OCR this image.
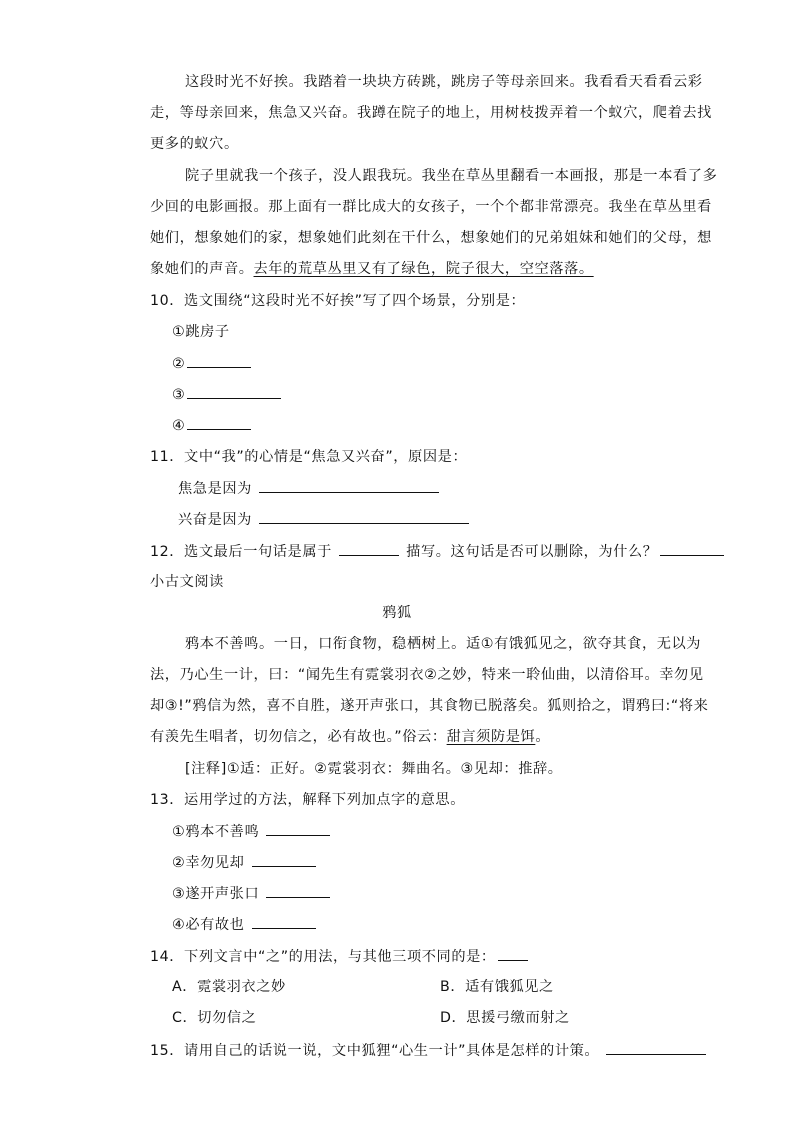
这段时光不好挨。我踏着一块块方砖跳，跳房子等母亲回来。我看看天看看云彩
走，等母亲回来，焦急又兴奋。我蹲在院子的地上，用树枝拨弄着一个蚁穴，爬着去找
更多的蚁穴。
院子里就我一个孩子，没人跟我玩。我坐在草丛里翻看一本画报，那是一本看了多
少回的电影画报。那上面有一群比成大的女孩子，一个个都非常漂亮。我坐在草丛里看
她们，想象她们的家，想象她们此刻在干什么，想象她们的兄弟姐妹和她们的父母，想
象她们的声音。去年的荒草丛里又有了绿色，院子很大，空空落落。
10．选文围绕“这段时光不好挨”写了四个场景，分别是：
①跳房子
②
③
④
11．文中“我”的心情是“焦急又兴奋”，原因是：
焦急是因为
兴奋是因为
12．选文最后一句话是属于	描写。这句话是否可以删除，为什么？
小古文阅读
鸦狐
鸦本不善鸣。一日，口衔食物，稳栖树上。适①有饿狐见之，欲夺其食，无以为
法，乃心生一计，曰：“闻先生有霓裳羽衣②之妙，特来一聆仙曲，以清俗耳。幸勿见
却③!”鸦信为然，喜不自胜，遂开声张口，其食物已脱落矣。狐则拾之，谓鸦曰:“将来
有羡先生唱者，切勿信之，必有故也。”俗云：甜言须防是饵。
[注释]①适：正好。②霓裳羽衣：舞曲名。③见却：推辞。
13．运用学过的方法，解释下列加点字的意思。
①鸦本不善鸣
②幸勿见却
③遂开声张口
④必有故也
14．下列文言中“之”的用法，与其他三项不同的是：
A．霓裳羽衣之妙	B．适有饿狐见之
C．切勿信之	D．思援弓缴而射之
15．请用自己的话说一说，文中狐狸“心生一计”具体是怎样的计策。
